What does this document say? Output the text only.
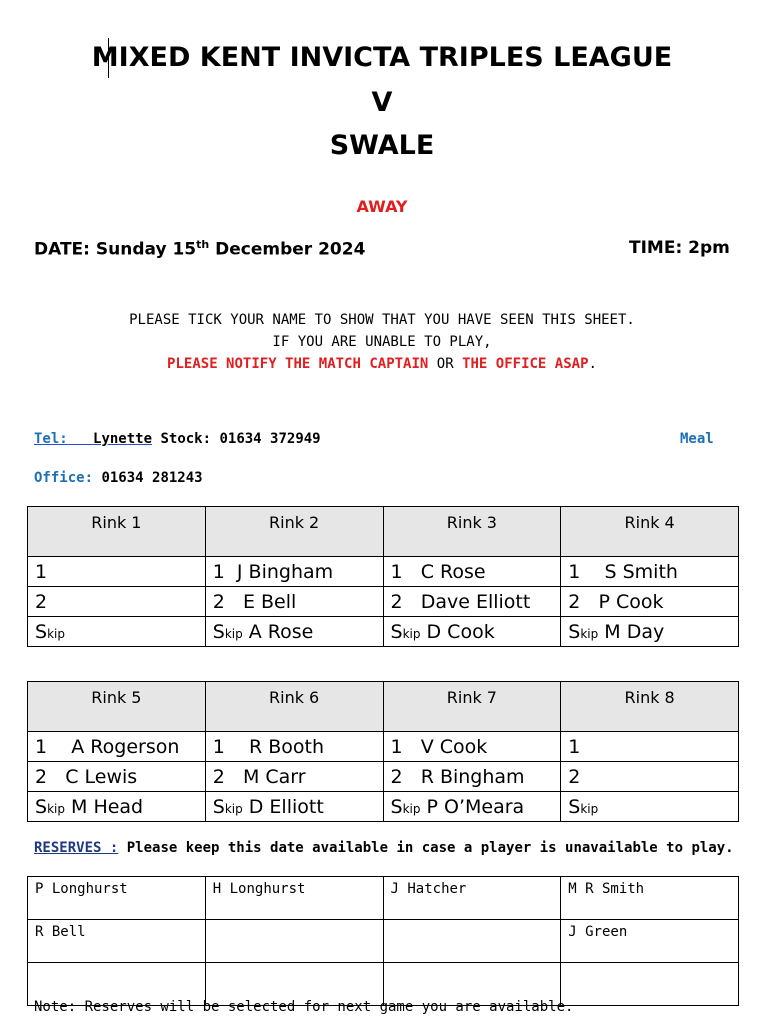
MIXED KENT INVICTA TRIPLES LEAGUE
V
SWALE
AWAY
DATE: Sunday 15th December 2024	TIME: 2pm
PLEASE TICK YOUR NAME TO SHOW THAT YOU HAVE SEEN THIS SHEET.
IF YOU ARE UNABLE TO PLAY,
PLEASE NOTIFY THE MATCH CAPTAIN OR THE OFFICE ASAP.
Tel: Lynette Stock: 01634 372949	Meal
Office: 01634 281243
Rink 1	Rink 2	Rink 3	Rink 4
1	1  J Bingham	1   C Rose	1    S Smith
2	2   E Bell	2   Dave Elliott	2   P Cook
Skip	Skip A Rose	Skip D Cook	Skip M Day
Rink 5	Rink 6	Rink 7	Rink 8
1    A Rogerson	1    R Booth	1   V Cook	1
2   C Lewis	2   M Carr	2   R Bingham	2
Skip M Head	Skip D Elliott	Skip P O’Meara	Skip
RESERVES : Please keep this date available in case a player is unavailable to play.
P Longhurst	H Longhurst	J Hatcher	M R Smith
R Bell			J Green

Note: Reserves will be selected for next game you are available.
